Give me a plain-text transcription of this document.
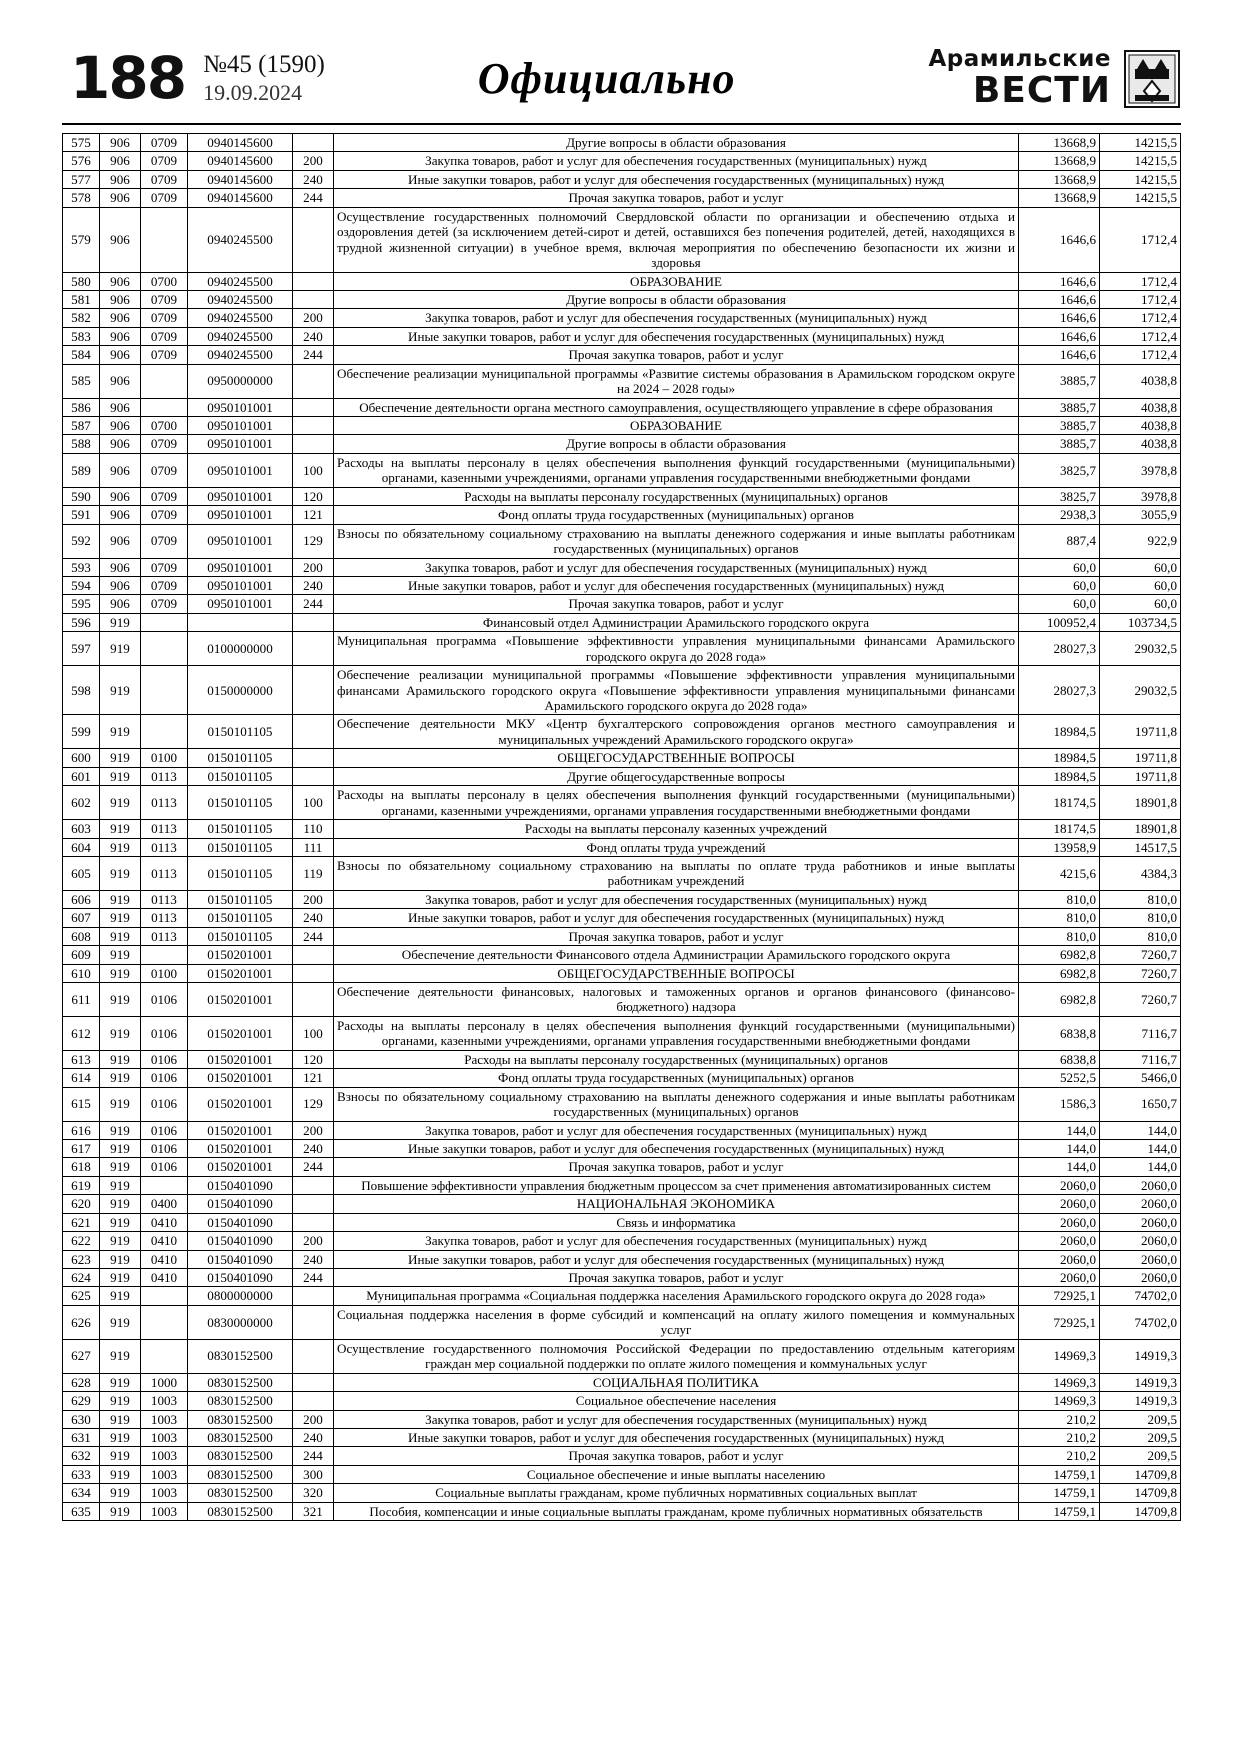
188 №45 (1590)
19.09.2024	Официально	Арамильские
ВЕСТИ
575	906	0709	0940145600		Другие вопросы в области образования	13668,9	14215,5
576	906	0709	0940145600	200	Закупка товаров, работ и услуг для обеспечения государственных (муниципальных) нужд	13668,9	14215,5
577	906	0709	0940145600	240	Иные закупки товаров, работ и услуг для обеспечения государственных (муниципальных) нужд	13668,9	14215,5
578	906	0709	0940145600	244	Прочая закупка товаров, работ и услуг	13668,9	14215,5
579	906		0940245500		Осуществление государственных полномочий Свердловской области по организации и обеспечению отдыха и оздоровления детей (за исключением детей-сирот и детей, оставшихся без попечения родителей, детей, находящихся в трудной жизненной ситуации) в учебное время, включая мероприятия по обеспечению безопасности их жизни и здоровья	1646,6	1712,4
580	906	0700	0940245500		ОБРАЗОВАНИЕ	1646,6	1712,4
581	906	0709	0940245500		Другие вопросы в области образования	1646,6	1712,4
582	906	0709	0940245500	200	Закупка товаров, работ и услуг для обеспечения государственных (муниципальных) нужд	1646,6	1712,4
583	906	0709	0940245500	240	Иные закупки товаров, работ и услуг для обеспечения государственных (муниципальных) нужд	1646,6	1712,4
584	906	0709	0940245500	244	Прочая закупка товаров, работ и услуг	1646,6	1712,4
585	906		0950000000		Обеспечение реализации муниципальной программы «Развитие системы образования в Арамильском городском округе на 2024 – 2028 годы»	3885,7	4038,8
586	906		0950101001		Обеспечение деятельности органа местного самоуправления, осуществляющего управление в сфере образования	3885,7	4038,8
587	906	0700	0950101001		ОБРАЗОВАНИЕ	3885,7	4038,8
588	906	0709	0950101001		Другие вопросы в области образования	3885,7	4038,8
589	906	0709	0950101001	100	Расходы на выплаты персоналу в целях обеспечения выполнения функций государственными (муниципальными) органами, казенными учреждениями, органами управления государственными внебюджетными фондами	3825,7	3978,8
590	906	0709	0950101001	120	Расходы на выплаты персоналу государственных (муниципальных) органов	3825,7	3978,8
591	906	0709	0950101001	121	Фонд оплаты труда государственных (муниципальных) органов	2938,3	3055,9
592	906	0709	0950101001	129	Взносы по обязательному социальному страхованию на выплаты денежного содержания и иные выплаты работникам государственных (муниципальных) органов	887,4	922,9
593	906	0709	0950101001	200	Закупка товаров, работ и услуг для обеспечения государственных (муниципальных) нужд	60,0	60,0
594	906	0709	0950101001	240	Иные закупки товаров, работ и услуг для обеспечения государственных (муниципальных) нужд	60,0	60,0
595	906	0709	0950101001	244	Прочая закупка товаров, работ и услуг	60,0	60,0
596	919				Финансовый отдел Администрации Арамильского городского округа	100952,4	103734,5
597	919		0100000000		Муниципальная программа «Повышение эффективности управления муниципальными финансами Арамильского городского округа до 2028 года»	28027,3	29032,5
598	919		0150000000		Обеспечение реализации муниципальной программы «Повышение эффективности управления муниципальными финансами Арамильского городского округа «Повышение эффективности управления муниципальными финансами Арамильского городского округа до 2028 года»	28027,3	29032,5
599	919		0150101105		Обеспечение деятельности МКУ «Центр бухгалтерского сопровождения органов местного самоуправления и муниципальных учреждений Арамильского городского округа»	18984,5	19711,8
600	919	0100	0150101105		ОБЩЕГОСУДАРСТВЕННЫЕ ВОПРОСЫ	18984,5	19711,8
601	919	0113	0150101105		Другие общегосударственные вопросы	18984,5	19711,8
602	919	0113	0150101105	100	Расходы на выплаты персоналу в целях обеспечения выполнения функций государственными (муниципальными) органами, казенными учреждениями, органами управления государственными внебюджетными фондами	18174,5	18901,8
603	919	0113	0150101105	110	Расходы на выплаты персоналу казенных учреждений	18174,5	18901,8
604	919	0113	0150101105	111	Фонд оплаты труда учреждений	13958,9	14517,5
605	919	0113	0150101105	119	Взносы по обязательному социальному страхованию на выплаты по оплате труда работников и иные выплаты работникам учреждений	4215,6	4384,3
606	919	0113	0150101105	200	Закупка товаров, работ и услуг для обеспечения государственных (муниципальных) нужд	810,0	810,0
607	919	0113	0150101105	240	Иные закупки товаров, работ и услуг для обеспечения государственных (муниципальных) нужд	810,0	810,0
608	919	0113	0150101105	244	Прочая закупка товаров, работ и услуг	810,0	810,0
609	919		0150201001		Обеспечение деятельности Финансового отдела Администрации Арамильского городского округа	6982,8	7260,7
610	919	0100	0150201001		ОБЩЕГОСУДАРСТВЕННЫЕ ВОПРОСЫ	6982,8	7260,7
611	919	0106	0150201001		Обеспечение деятельности финансовых, налоговых и таможенных органов и органов финансового (финансово-бюджетного) надзора	6982,8	7260,7
612	919	0106	0150201001	100	Расходы на выплаты персоналу в целях обеспечения выполнения функций государственными (муниципальными) органами, казенными учреждениями, органами управления государственными внебюджетными фондами	6838,8	7116,7
613	919	0106	0150201001	120	Расходы на выплаты персоналу государственных (муниципальных) органов	6838,8	7116,7
614	919	0106	0150201001	121	Фонд оплаты труда государственных (муниципальных) органов	5252,5	5466,0
615	919	0106	0150201001	129	Взносы по обязательному социальному страхованию на выплаты денежного содержания и иные выплаты работникам государственных (муниципальных) органов	1586,3	1650,7
616	919	0106	0150201001	200	Закупка товаров, работ и услуг для обеспечения государственных (муниципальных) нужд	144,0	144,0
617	919	0106	0150201001	240	Иные закупки товаров, работ и услуг для обеспечения государственных (муниципальных) нужд	144,0	144,0
618	919	0106	0150201001	244	Прочая закупка товаров, работ и услуг	144,0	144,0
619	919		0150401090		Повышение эффективности управления бюджетным процессом за счет применения автоматизированных систем	2060,0	2060,0
620	919	0400	0150401090		НАЦИОНАЛЬНАЯ ЭКОНОМИКА	2060,0	2060,0
621	919	0410	0150401090		Связь и информатика	2060,0	2060,0
622	919	0410	0150401090	200	Закупка товаров, работ и услуг для обеспечения государственных (муниципальных) нужд	2060,0	2060,0
623	919	0410	0150401090	240	Иные закупки товаров, работ и услуг для обеспечения государственных (муниципальных) нужд	2060,0	2060,0
624	919	0410	0150401090	244	Прочая закупка товаров, работ и услуг	2060,0	2060,0
625	919		0800000000		Муниципальная программа «Социальная поддержка населения Арамильского городского округа до 2028 года»	72925,1	74702,0
626	919		0830000000		Социальная поддержка населения в форме субсидий и компенсаций на оплату жилого помещения и коммунальных услуг	72925,1	74702,0
627	919		0830152500		Осуществление государственного полномочия Российской Федерации по предоставлению отдельным категориям граждан мер социальной поддержки по оплате жилого помещения и коммунальных услуг	14969,3	14919,3
628	919	1000	0830152500		СОЦИАЛЬНАЯ ПОЛИТИКА	14969,3	14919,3
629	919	1003	0830152500		Социальное обеспечение населения	14969,3	14919,3
630	919	1003	0830152500	200	Закупка товаров, работ и услуг для обеспечения государственных (муниципальных) нужд	210,2	209,5
631	919	1003	0830152500	240	Иные закупки товаров, работ и услуг для обеспечения государственных (муниципальных) нужд	210,2	209,5
632	919	1003	0830152500	244	Прочая закупка товаров, работ и услуг	210,2	209,5
633	919	1003	0830152500	300	Социальное обеспечение и иные выплаты населению	14759,1	14709,8
634	919	1003	0830152500	320	Социальные выплаты гражданам, кроме публичных нормативных социальных выплат	14759,1	14709,8
635	919	1003	0830152500	321	Пособия, компенсации и иные социальные выплаты гражданам, кроме публичных нормативных обязательств	14759,1	14709,8
